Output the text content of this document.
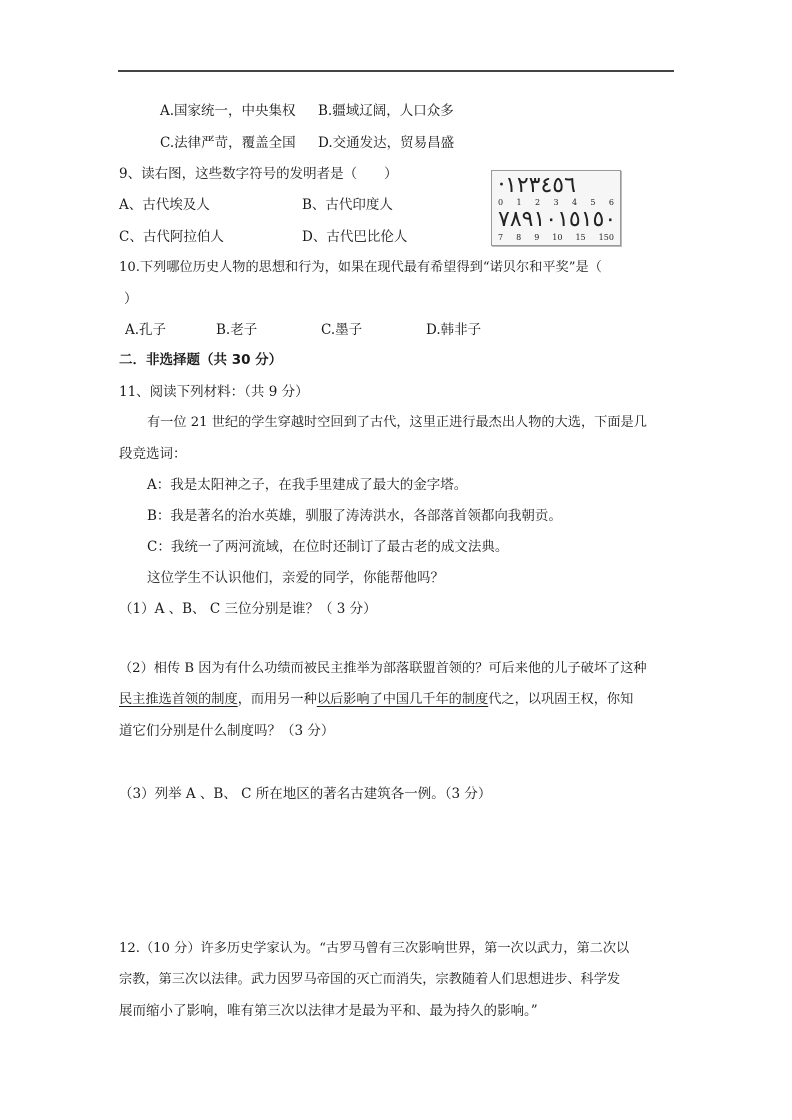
A.国家统一，中央集权 B.疆域辽阔，人口众多
C.法律严苛，覆盖全国 D.交通发达，贸易昌盛
9、读右图，这些数字符号的发明者是（　　）
A、古代埃及人	B、古代印度人
C、古代阿拉伯人	D、古代巴比伦人
·١٢٣٤٥٦
0 1 2 3 4 5 6
٧٨٩١٠١٥١٥٠
7 8 9 10 15 150
10.下列哪位历史人物的思想和行为，如果在现代最有希望得到“诺贝尔和平奖”是（
）
A.孔子	B.老子	C.墨子	D.韩非子
二．非选择题（共 30 分）
11、阅读下列材料：（共 9 分）
有一位 21 世纪的学生穿越时空回到了古代，这里正进行最杰出人物的大选，下面是几
段竞选词：
A：我是太阳神之子，在我手里建成了最大的金字塔。
B：我是著名的治水英雄，驯服了涛涛洪水，各部落首领都向我朝贡。
C：我统一了两河流域，在位时还制订了最古老的成文法典。
这位学生不认识他们，亲爱的同学，你能帮他吗？
（1）A 、B、 C 三位分别是谁？（ 3 分）
（2）相传 B 因为有什么功绩而被民主推举为部落联盟首领的？可后来他的儿子破坏了这种
民主推选首领的制度，而用另一种以后影响了中国几千年的制度代之，以巩固王权，你知
道它们分别是什么制度吗？（3 分）
（3）列举 A 、B、 C 所在地区的著名古建筑各一例。（3 分）
12.（10 分）许多历史学家认为。“古罗马曾有三次影响世界，第一次以武力，第二次以
宗教，第三次以法律。武力因罗马帝国的灭亡而消失，宗教随着人们思想进步、科学发
展而缩小了影响，唯有第三次以法律才是最为平和、最为持久的影响。”
